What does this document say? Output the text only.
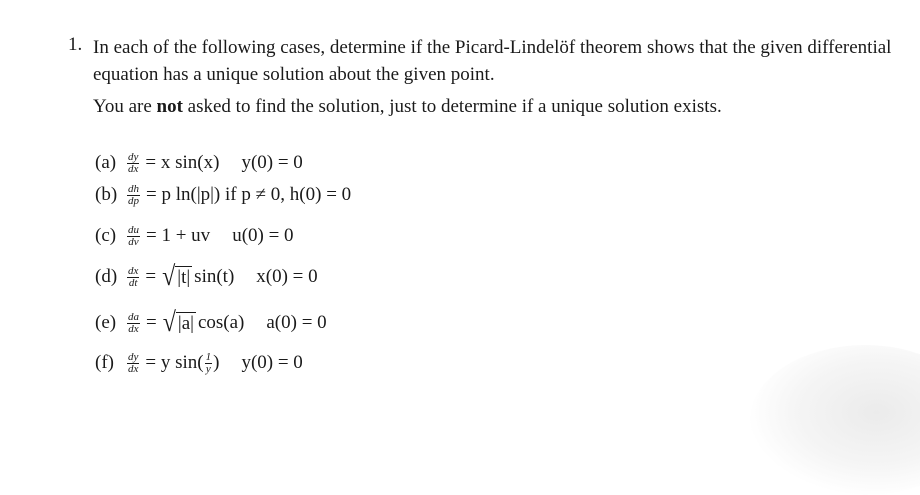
1. In each of the following cases, determine if the Picard-Lindelöf theorem shows that the given differential equation has a unique solution about the given point.
You are not asked to find the solution, just to determine if a unique solution exists.
$(a) \frac{dy}{dx} = x$ sin(x) y(0) = 0
$(b) \frac{dh}{dp} = p$ ln(|p|) if p ≠ 0, h(0) = 0
$(c) \frac{du}{dv} = 1$ + uv u(0) = 0
$(d) \frac{dx}{dt}$ = √ |t| sin(t) x(0) = 0
$(e) \frac{da}{dx}$ = √ |a| cos(a) a(0) = 0
(f)	$\frac{dy}{dx} = y$ $\sin( \frac{1}{y}$ ) y(0) = 0
